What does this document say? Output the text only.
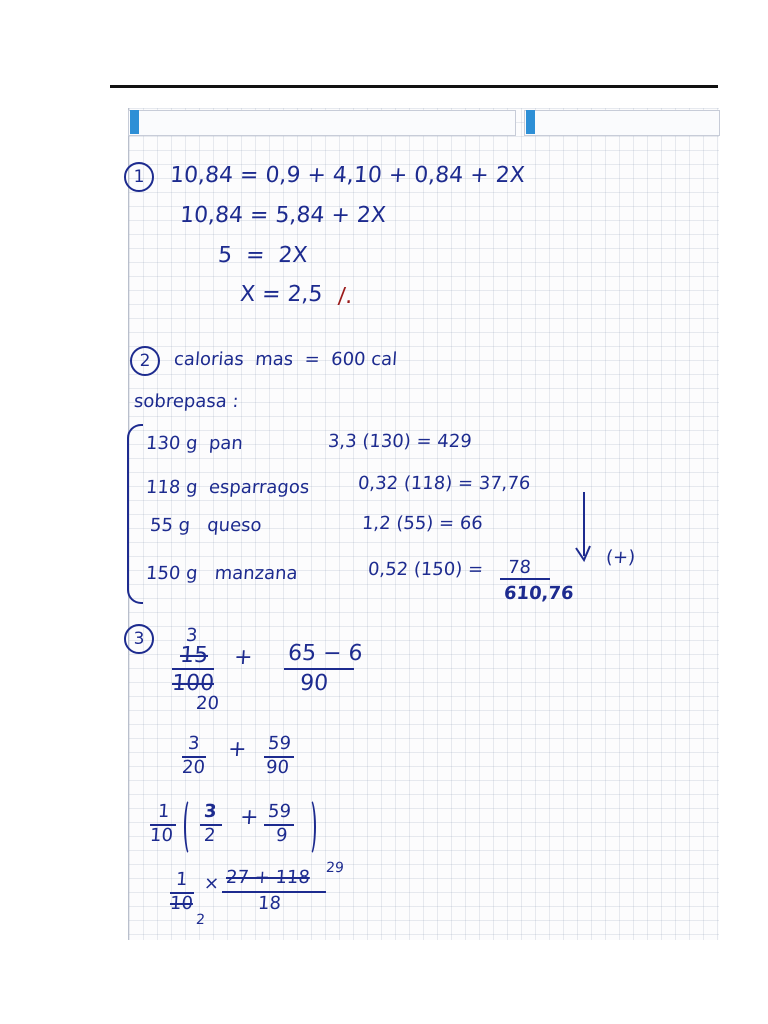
1	10,84 = 0,9 + 4,10 + 0,84 + 2X
10,84 = 5,84 + 2X
5  =  2X
X = 2,5 /.
2	calorias  mas  =  600 cal
sobrepasa :
130 g  pan	3,3 (130) = 429
118 g  esparragos	0,32 (118) = 37,76
55 g   queso	1,2 (55) = 66
150 g   manzana	0,52 (150) = 78
610,76
(+)
3	3
15
100
20
+ 65 − 6
90
3
20
+ 59
90
1
10
3
2
+ 59
9
1
10
2
× 27 + 118
18
29
